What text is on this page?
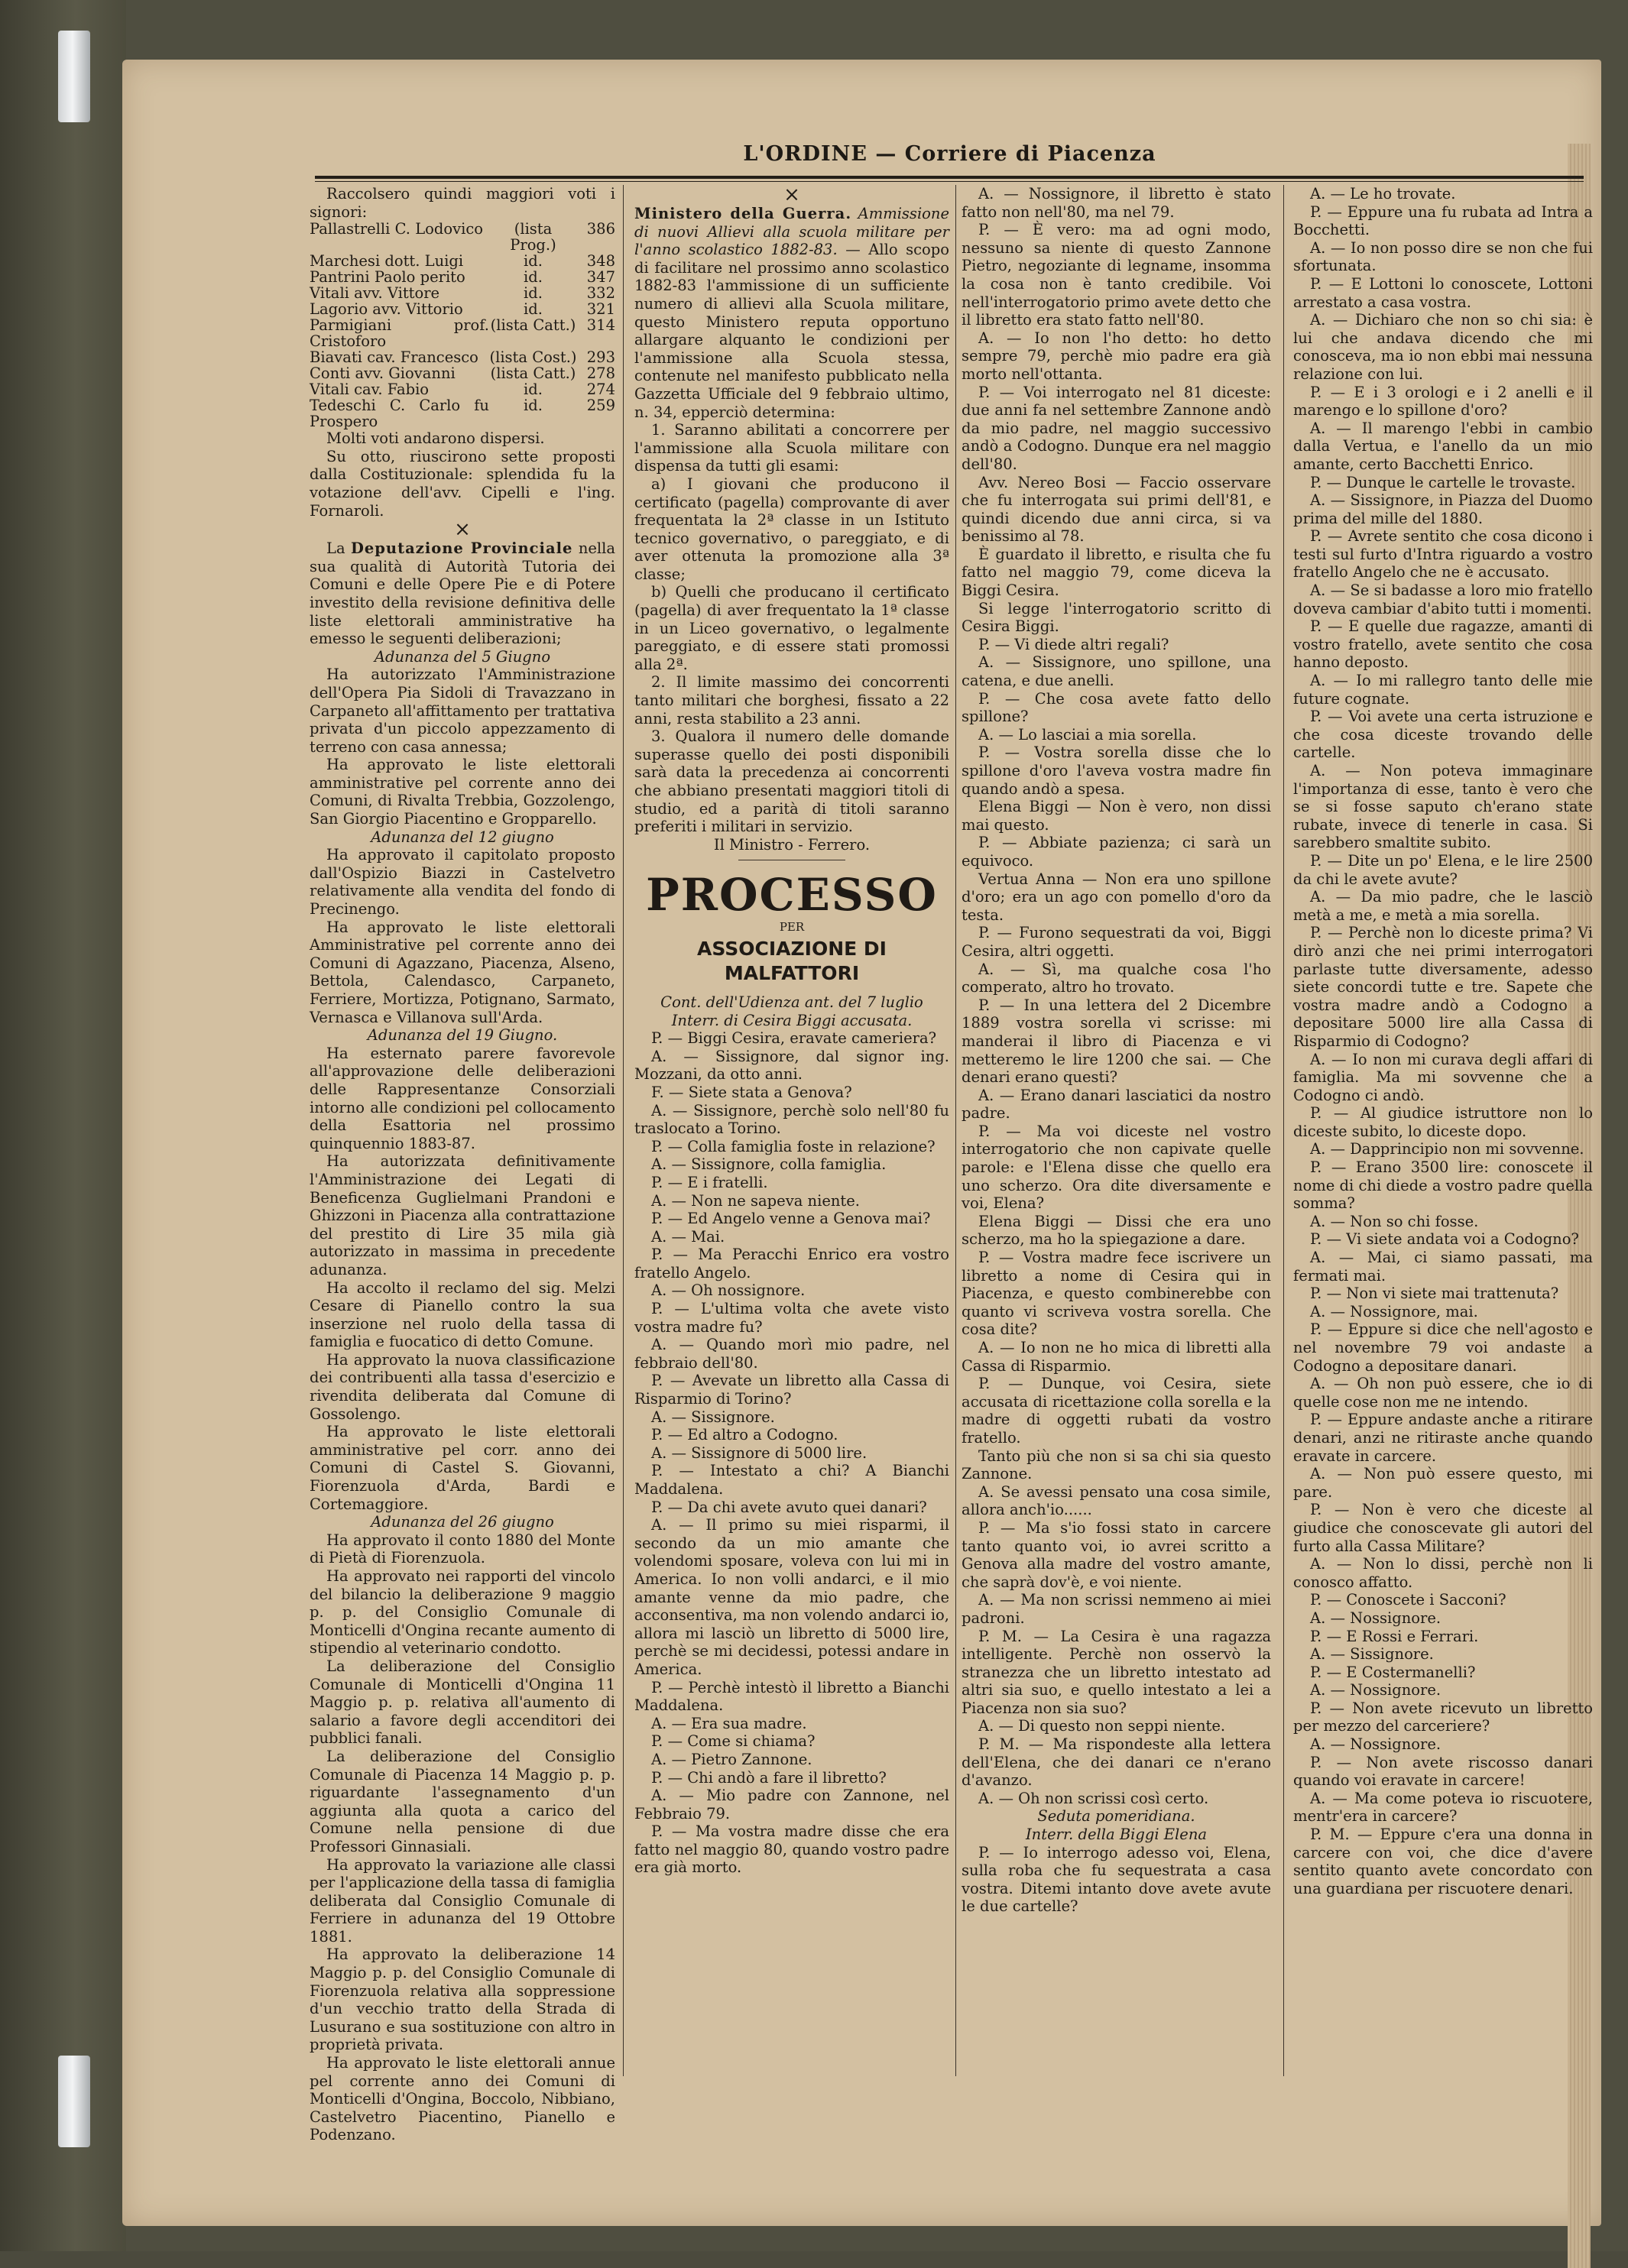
L'ORDINE — Corriere di Piacenza

Raccolsero quindi maggiori voti i signori:

Pallastrelli C. Lodovico	(lista Prog.)	386
Marchesi dott. Luigi	id.	348
Pantrini Paolo perito	id.	347
Vitali avv. Vittore	id.	332
Lagorio avv. Vittorio	id.	321
Parmigiani prof. Cristoforo	(lista Catt.)	314
Biavati cav. Francesco	(lista Cost.)	293
Conti avv. Giovanni	(lista Catt.)	278
Vitali cav. Fabio	id.	274
Tedeschi C. Carlo fu Prospero	id.	259

Molti voti andarono dispersi.

Su otto, riuscirono sette proposti dalla Costituzionale: splendida fu la votazione dell'avv. Cipelli e l'ing. Fornaroli.

×

La Deputazione Provinciale nella sua qualità di Autorità Tutoria dei Comuni e delle Opere Pie e di Potere investito della revisione definitiva delle liste elettorali amministrative ha emesso le seguenti deliberazioni;

Adunanza del 5 Giugno

Ha autorizzato l'Amministrazione dell'Opera Pia Sidoli di Travazzano in Carpaneto all'affittamento per trattativa privata d'un piccolo appezzamento di terreno con casa annessa;

Ha approvato le liste elettorali amministrative pel corrente anno dei Comuni, di Rivalta Trebbia, Gozzolengo, San Giorgio Piacentino e Gropparello.

Adunanza del 12 giugno

Ha approvato il capitolato proposto dall'Ospizio Biazzi in Castelvetro relativamente alla vendita del fondo di Precinengo.

Ha approvato le liste elettorali Amministrative pel corrente anno dei Comuni di Agazzano, Piacenza, Alseno, Bettola, Calendasco, Carpaneto, Ferriere, Mortizza, Potignano, Sarmato, Vernasca e Villanova sull'Arda.

Adunanza del 19 Giugno.

Ha esternato parere favorevole all'approvazione delle deliberazioni delle Rappresentanze Consorziali intorno alle condizioni pel collocamento della Esattoria nel prossimo quinquennio 1883-87.

Ha autorizzata definitivamente l'Amministrazione dei Legati di Beneficenza Guglielmani Prandoni e Ghizzoni in Piacenza alla contrattazione del prestito di Lire 35 mila già autorizzato in massima in precedente adunanza.

Ha accolto il reclamo del sig. Melzi Cesare di Pianello contro la sua inserzione nel ruolo della tassa di famiglia e fuocatico di detto Comune.

Ha approvato la nuova classificazione dei contribuenti alla tassa d'esercizio e rivendita deliberata dal Comune di Gossolengo.

Ha approvato le liste elettorali amministrative pel corr. anno dei Comuni di Castel S. Giovanni, Fiorenzuola d'Arda, Bardi e Cortemaggiore.

Adunanza del 26 giugno

Ha approvato il conto 1880 del Monte di Pietà di Fiorenzuola.

Ha approvato nei rapporti del vincolo del bilancio la deliberazione 9 maggio p. p. del Consiglio Comunale di Monticelli d'Ongina recante aumento di stipendio al veterinario condotto.

La deliberazione del Consiglio Comunale di Monticelli d'Ongina 11 Maggio p. p. relativa all'aumento di salario a favore degli accenditori dei pubblici fanali.

La deliberazione del Consiglio Comunale di Piacenza 14 Maggio p. p. riguardante l'assegnamento d'un aggiunta alla quota a carico del Comune nella pensione di due Professori Ginnasiali.

Ha approvato la variazione alle classi per l'applicazione della tassa di famiglia deliberata dal Consiglio Comunale di Ferriere in adunanza del 19 Ottobre 1881.

Ha approvato la deliberazione 14 Maggio p. p. del Consiglio Comunale di Fiorenzuola relativa alla soppressione d'un vecchio tratto della Strada di Lusurano e sua sostituzione con altro in proprietà privata.

Ha approvato le liste elettorali annue pel corrente anno dei Comuni di Monticelli d'Ongina, Boccolo, Nibbiano, Castelvetro Piacentino, Pianello e Podenzano.

×

Ministero della Guerra. Ammissione di nuovi Allievi alla scuola militare per l'anno scolastico 1882-83. — Allo scopo di facilitare nel prossimo anno scolastico 1882-83 l'ammissione di un sufficiente numero di allievi alla Scuola militare, questo Ministero reputa opportuno allargare alquanto le condizioni per l'ammissione alla Scuola stessa, contenute nel manifesto pubblicato nella Gazzetta Ufficiale del 9 febbraio ultimo, n. 34, epperciò determina:

1. Saranno abilitati a concorrere per l'ammissione alla Scuola militare con dispensa da tutti gli esami:

a) I giovani che producono il certificato (pagella) comprovante di aver frequentata la 2ª classe in un Istituto tecnico governativo, o pareggiato, e di aver ottenuta la promozione alla 3ª classe;

b) Quelli che producano il certificato (pagella) di aver frequentato la 1ª classe in un Liceo governativo, o legalmente pareggiato, e di essere stati promossi alla 2ª.

2. Il limite massimo dei concorrenti tanto militari che borghesi, fissato a 22 anni, resta stabilito a 23 anni.

3. Qualora il numero delle domande superasse quello dei posti disponibili sarà data la precedenza ai concorrenti che abbiano presentati maggiori titoli di studio, ed a parità di titoli saranno preferiti i militari in servizio.

Il Ministro - Ferrero.

PROCESSO

PER

ASSOCIAZIONE DI MALFATTORI

Cont. dell'Udienza ant. del 7 luglio

Interr. di Cesira Biggi accusata.

P. — Biggi Cesira, eravate cameriera?

A. — Sissignore, dal signor ing. Mozzani, da otto anni.

F. — Siete stata a Genova?

A. — Sissignore, perchè solo nell'80 fu traslocato a Torino.

P. — Colla famiglia foste in relazione?

A. — Sissignore, colla famiglia.

P. — E i fratelli.

A. — Non ne sapeva niente.

P. — Ed Angelo venne a Genova mai?

A. — Mai.

P. — Ma Peracchi Enrico era vostro fratello Angelo.

A. — Oh nossignore.

P. — L'ultima volta che avete visto vostra madre fu?

A. — Quando morì mio padre, nel febbraio dell'80.

P. — Avevate un libretto alla Cassa di Risparmio di Torino?

A. — Sissignore.

P. — Ed altro a Codogno.

A. — Sissignore di 5000 lire.

P. — Intestato a chi? A Bianchi Maddalena.

P. — Da chi avete avuto quei danari?

A. — Il primo su miei risparmi, il secondo da un mio amante che volendomi sposare, voleva con lui mi in America. Io non volli andarci, e il mio amante venne da mio padre, che acconsentiva, ma non volendo andarci io, allora mi lasciò un libretto di 5000 lire, perchè se mi decidessi, potessi andare in America.

P. — Perchè intestò il libretto a Bianchi Maddalena.

A. — Era sua madre.

P. — Come si chiama?

A. — Pietro Zannone.

P. — Chi andò a fare il libretto?

A. — Mio padre con Zannone, nel Febbraio 79.

P. — Ma vostra madre disse che era fatto nel maggio 80, quando vostro padre era già morto.

A. — Nossignore, il libretto è stato fatto non nell'80, ma nel 79.

P. — È vero: ma ad ogni modo, nessuno sa niente di questo Zannone Pietro, negoziante di legname, insomma la cosa non è tanto credibile. Voi nell'interrogatorio primo avete detto che il libretto era stato fatto nell'80.

A. — Io non l'ho detto: ho detto sempre 79, perchè mio padre era già morto nell'ottanta.

P. — Voi interrogato nel 81 diceste: due anni fa nel settembre Zannone andò da mio padre, nel maggio successivo andò a Codogno. Dunque era nel maggio dell'80.

Avv. Nereo Bosi — Faccio osservare che fu interrogata sui primi dell'81, e quindi dicendo due anni circa, si va benissimo al 78.

È guardato il libretto, e risulta che fu fatto nel maggio 79, come diceva la Biggi Cesira.

Si legge l'interrogatorio scritto di Cesira Biggi.

P. — Vi diede altri regali?

A. — Sissignore, uno spillone, una catena, e due anelli.

P. — Che cosa avete fatto dello spillone?

A. — Lo lasciai a mia sorella.

P. — Vostra sorella disse che lo spillone d'oro l'aveva vostra madre fin quando andò a spesa.

Elena Biggi — Non è vero, non dissi mai questo.

P. — Abbiate pazienza; ci sarà un equivoco.

Vertua Anna — Non era uno spillone d'oro; era un ago con pomello d'oro da testa.

P. — Furono sequestrati da voi, Biggi Cesira, altri oggetti.

A. — Sì, ma qualche cosa l'ho comperato, altro ho trovato.

P. — In una lettera del 2 Dicembre 1889 vostra sorella vi scrisse: mi manderai il libro di Piacenza e vi metteremo le lire 1200 che sai. — Che denari erano questi?

A. — Erano danari lasciatici da nostro padre.

P. — Ma voi diceste nel vostro interrogatorio che non capivate quelle parole: e l'Elena disse che quello era uno scherzo. Ora dite diversamente e voi, Elena?

Elena Biggi — Dissi che era uno scherzo, ma ho la spiegazione a dare.

P. — Vostra madre fece iscrivere un libretto a nome di Cesira qui in Piacenza, e questo combinerebbe con quanto vi scriveva vostra sorella. Che cosa dite?

A. — Io non ne ho mica di libretti alla Cassa di Risparmio.

P. — Dunque, voi Cesira, siete accusata di ricettazione colla sorella e la madre di oggetti rubati da vostro fratello.

Tanto più che non si sa chi sia questo Zannone.

A. Se avessi pensato una cosa simile, allora anch'io......

P. — Ma s'io fossi stato in carcere tanto quanto voi, io avrei scritto a Genova alla madre del vostro amante, che saprà dov'è, e voi niente.

A. — Ma non scrissi nemmeno ai miei padroni.

P. M. — La Cesira è una ragazza intelligente. Perchè non osservò la stranezza che un libretto intestato ad altri sia suo, e quello intestato a lei a Piacenza non sia suo?

A. — Di questo non seppi niente.

P. M. — Ma rispondeste alla lettera dell'Elena, che dei danari ce n'erano d'avanzo.

A. — Oh non scrissi così certo.

Seduta pomeridiana.

Interr. della Biggi Elena

P. — Io interrogo adesso voi, Elena, sulla roba che fu sequestrata a casa vostra. Ditemi intanto dove avete avute le due cartelle?

A. — Le ho trovate.

P. — Eppure una fu rubata ad Intra a Bocchetti.

A. — Io non posso dire se non che fui sfortunata.

P. — E Lottoni lo conoscete, Lottoni arrestato a casa vostra.

A. — Dichiaro che non so chi sia: è lui che andava dicendo che mi conosceva, ma io non ebbi mai nessuna relazione con lui.

P. — E i 3 orologi e i 2 anelli e il marengo e lo spillone d'oro?

A. — Il marengo l'ebbi in cambio dalla Vertua, e l'anello da un mio amante, certo Bacchetti Enrico.

P. — Dunque le cartelle le trovaste.

A. — Sissignore, in Piazza del Duomo prima del mille del 1880.

P. — Avrete sentito che cosa dicono i testi sul furto d'Intra riguardo a vostro fratello Angelo che ne è accusato.

A. — Se si badasse a loro mio fratello doveva cambiar d'abito tutti i momenti.

P. — E quelle due ragazze, amanti di vostro fratello, avete sentito che cosa hanno deposto.

A. — Io mi rallegro tanto delle mie future cognate.

P. — Voi avete una certa istruzione e che cosa diceste trovando delle cartelle.

A. — Non poteva immaginare l'importanza di esse, tanto è vero che se si fosse saputo ch'erano state rubate, invece di tenerle in casa. Si sarebbero smaltite subito.

P. — Dite un po' Elena, e le lire 2500 da chi le avete avute?

A. — Da mio padre, che le lasciò metà a me, e metà a mia sorella.

P. — Perchè non lo diceste prima? Vi dirò anzi che nei primi interrogatori parlaste tutte diversamente, adesso siete concordi tutte e tre. Sapete che vostra madre andò a Codogno a depositare 5000 lire alla Cassa di Risparmio di Codogno?

A. — Io non mi curava degli affari di famiglia. Ma mi sovvenne che a Codogno ci andò.

P. — Al giudice istruttore non lo diceste subito, lo diceste dopo.

A. — Dapprincipio non mi sovvenne.

P. — Erano 3500 lire: conoscete il nome di chi diede a vostro padre quella somma?

A. — Non so chi fosse.

P. — Vi siete andata voi a Codogno?

A. — Mai, ci siamo passati, ma fermati mai.

P. — Non vi siete mai trattenuta?

A. — Nossignore, mai.

P. — Eppure si dice che nell'agosto e nel novembre 79 voi andaste a Codogno a depositare danari.

A. — Oh non può essere, che io di quelle cose non me ne intendo.

P. — Eppure andaste anche a ritirare denari, anzi ne ritiraste anche quando eravate in carcere.

A. — Non può essere questo, mi pare.

P. — Non è vero che diceste al giudice che conoscevate gli autori del furto alla Cassa Militare?

A. — Non lo dissi, perchè non li conosco affatto.

P. — Conoscete i Sacconi?

A. — Nossignore.

P. — E Rossi e Ferrari.

A. — Sissignore.

P. — E Costermanelli?

A. — Nossignore.

P. — Non avete ricevuto un libretto per mezzo del carceriere?

A. — Nossignore.

P. — Non avete riscosso danari quando voi eravate in carcere!

A. — Ma come poteva io riscuotere, mentr'era in carcere?

P. M. — Eppure c'era una donna in carcere con voi, che dice d'avere sentito quanto avete concordato con una guardiana per riscuotere denari.
